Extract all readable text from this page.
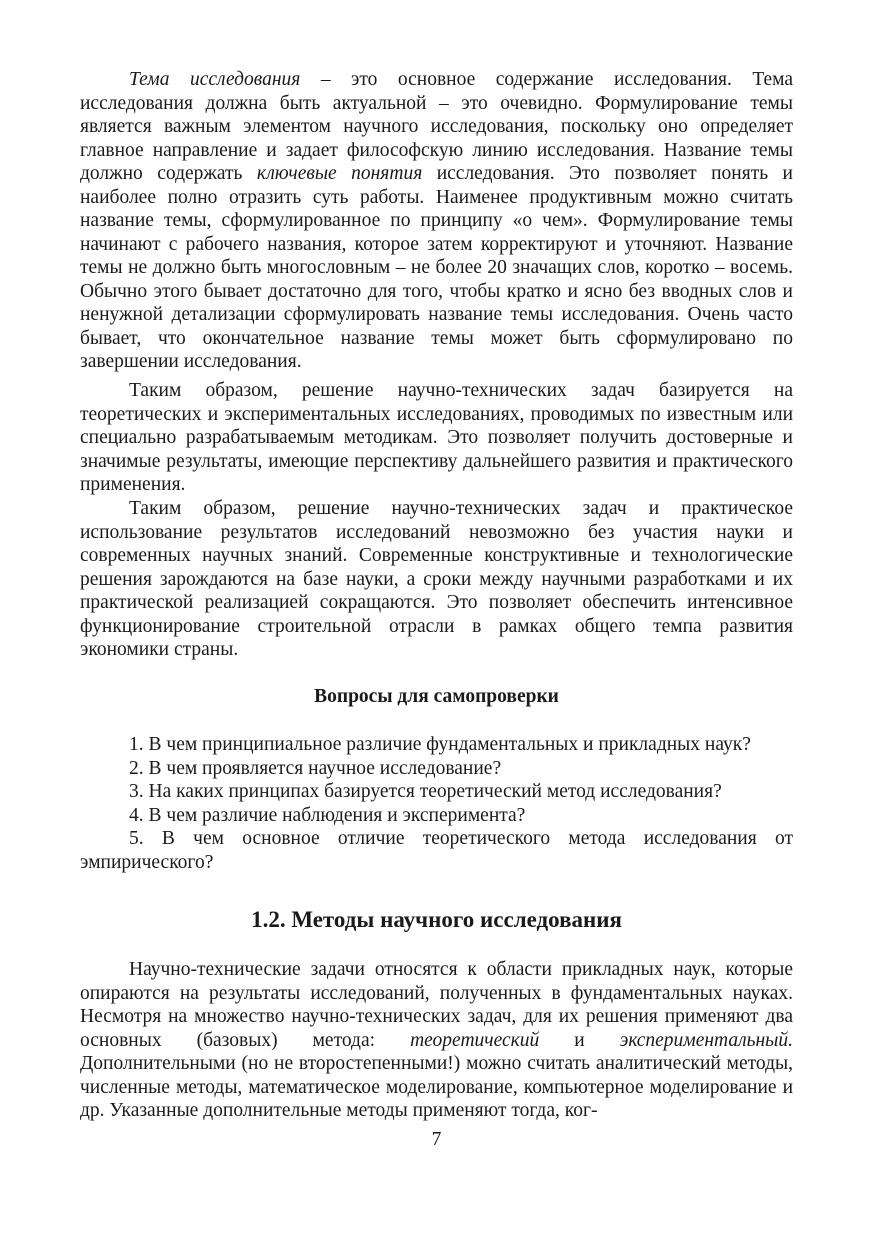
Тема исследования – это основное содержание исследования. Тема исследования должна быть актуальной – это очевидно. Формулирование темы является важным элементом научного исследования, поскольку оно определяет главное направление и задает философскую линию исследования. Название темы должно содержать ключевые понятия исследования. Это позволяет понять и наиболее полно отразить суть работы. Наименее продуктивным можно считать название темы, сформулированное по принципу «о чем». Формулирование темы начинают с рабочего названия, которое затем корректируют и уточняют. Название темы не должно быть многословным – не более 20 значащих слов, коротко – восемь. Обычно этого бывает достаточно для того, чтобы кратко и ясно без вводных слов и ненужной детализации сформулировать название темы исследования. Очень часто бывает, что окончательное название темы может быть сформулировано по завершении исследования.

Таким образом, решение научно-технических задач базируется на теоретических и экспериментальных исследованиях, проводимых по известным или специально разрабатываемым методикам. Это позволяет получить достоверные и значимые результаты, имеющие перспективу дальнейшего развития и практического применения.

Таким образом, решение научно-технических задач и практическое использование результатов исследований невозможно без участия науки и современных научных знаний. Современные конструктивные и технологические решения зарождаются на базе науки, а сроки между научными разработками и их практической реализацией сокращаются. Это позволяет обеспечить интенсивное функционирование строительной отрасли в рамках общего темпа развития экономики страны.

Вопросы для самопроверки

1. В чем принципиальное различие фундаментальных и прикладных наук?

2. В чем проявляется научное исследование?

3. На каких принципах базируется теоретический метод исследования?

4. В чем различие наблюдения и эксперимента?

5. В чем основное отличие теоретического метода исследования от эмпирического?

1.2. Методы научного исследования

Научно-технические задачи относятся к области прикладных наук, которые опираются на результаты исследований, полученных в фундаментальных науках. Несмотря на множество научно-технических задач, для их решения применяют два основных (базовых) метода: теоретический и экспериментальный. Дополнительными (но не второстепенными!) можно считать аналитический методы, численные методы, математическое моделирование, компьютерное моделирование и др. Указанные дополнительные методы применяют тогда, ког-

7
